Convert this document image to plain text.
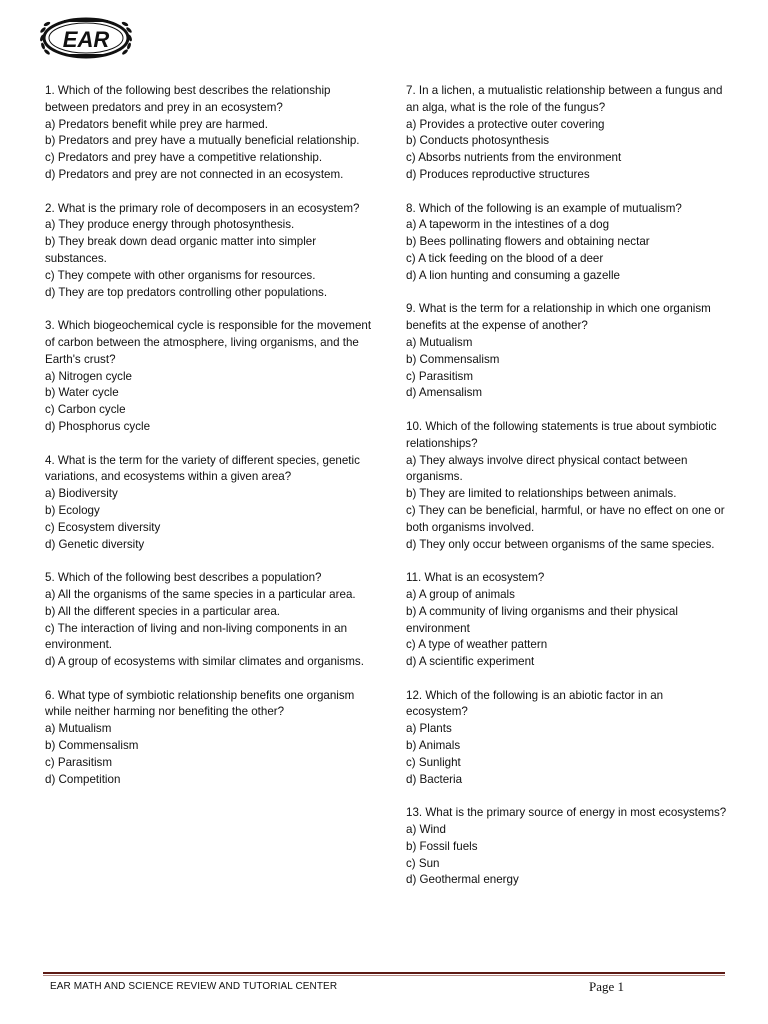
EAR

1. Which of the following best describes the relationship between predators and prey in an ecosystem?

a) Predators benefit while prey are harmed.

b) Predators and prey have a mutually beneficial relationship.

c) Predators and prey have a competitive relationship.

d) Predators and prey are not connected in an ecosystem.

2. What is the primary role of decomposers in an ecosystem?

a) They produce energy through photosynthesis.

b) They break down dead organic matter into simpler substances.

c) They compete with other organisms for resources.

d) They are top predators controlling other populations.

3. Which biogeochemical cycle is responsible for the movement of carbon between the atmosphere, living organisms, and the Earth's crust?

a) Nitrogen cycle

b) Water cycle

c) Carbon cycle

d) Phosphorus cycle

4. What is the term for the variety of different species, genetic variations, and ecosystems within a given area?

a) Biodiversity

b) Ecology

c) Ecosystem diversity

d) Genetic diversity

5. Which of the following best describes a population?

a) All the organisms of the same species in a particular area.

b) All the different species in a particular area.

c) The interaction of living and non-living components in an environment.

d) A group of ecosystems with similar climates and organisms.

6. What type of symbiotic relationship benefits one organism while neither harming nor benefiting the other?

a) Mutualism

b) Commensalism

c) Parasitism

d) Competition

7. In a lichen, a mutualistic relationship between a fungus and an alga, what is the role of the fungus?

a) Provides a protective outer covering

b) Conducts photosynthesis

c) Absorbs nutrients from the environment

d) Produces reproductive structures

8. Which of the following is an example of mutualism?

a) A tapeworm in the intestines of a dog

b) Bees pollinating flowers and obtaining nectar

c) A tick feeding on the blood of a deer

d) A lion hunting and consuming a gazelle

9. What is the term for a relationship in which one organism benefits at the expense of another?

a) Mutualism

b) Commensalism

c) Parasitism

d) Amensalism

10. Which of the following statements is true about symbiotic relationships?

a) They always involve direct physical contact between organisms.

b) They are limited to relationships between animals.

c) They can be beneficial, harmful, or have no effect on one or both organisms involved.

d) They only occur between organisms of the same species.

11. What is an ecosystem?

a) A group of animals

b) A community of living organisms and their physical environment

c) A type of weather pattern

d) A scientific experiment

12. Which of the following is an abiotic factor in an ecosystem?

a) Plants

b) Animals

c) Sunlight

d) Bacteria

13. What is the primary source of energy in most ecosystems?

a) Wind

b) Fossil fuels

c) Sun

d) Geothermal energy

EAR MATH AND SCIENCE REVIEW AND TUTORIAL CENTER	Page 1
